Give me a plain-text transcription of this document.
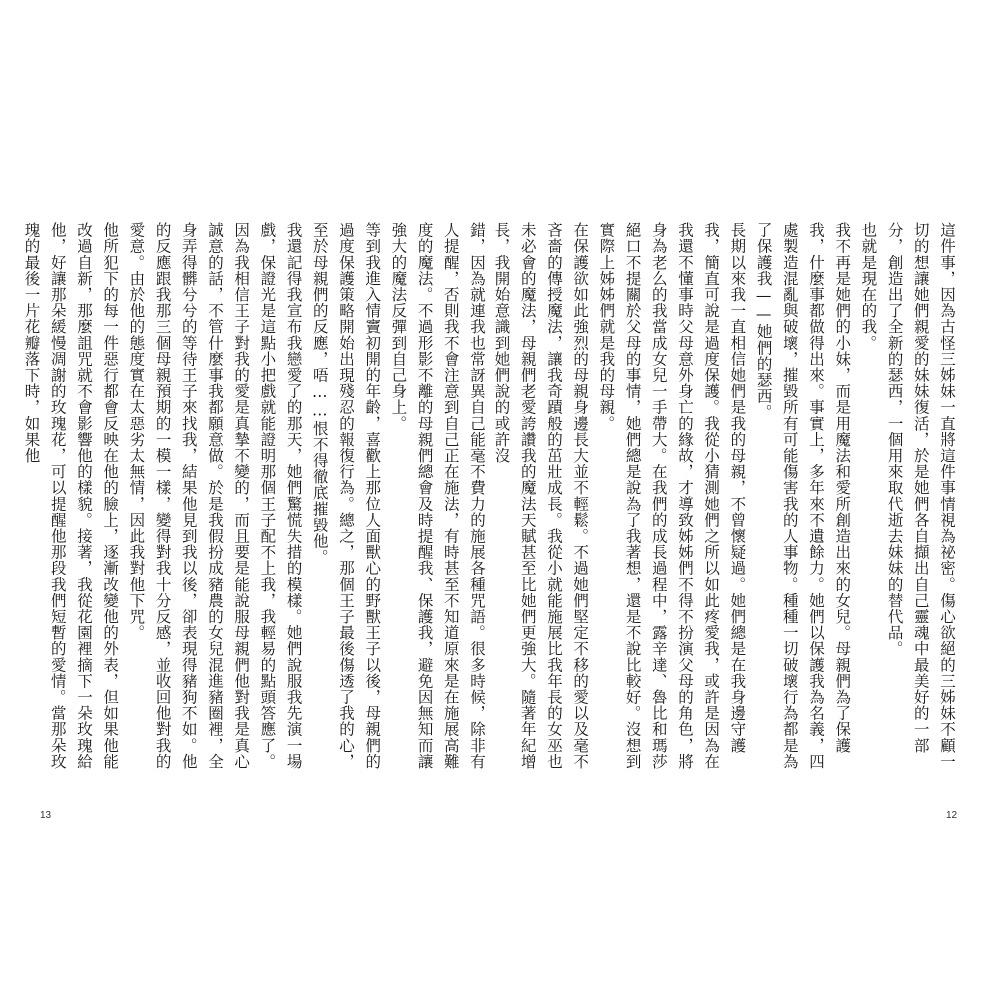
錯，因為就連我也常訝異自己能毫不費力的施展各種咒語。很多時候，除非有人提醒，否則我不會注意到自己正在施法，有時甚至不知道原來是在施展高難度的魔法。不過形影不離的母親們總會及時提醒我、保護我，避免因無知而讓強大的魔法反彈到自己身上。

等到我進入情竇初開的年齡，喜歡上那位人面獸心的野獸王子以後，母親們的過度保護策略開始出現殘忍的報復行為。總之，那個王子最後傷透了我的心，至於母親們的反應，唔……恨不得徹底摧毀他。

我還記得我宣布我戀愛了的那天，她們驚慌失措的模樣。她們說服我先演一場戲，保證光是這點小把戲就能證明那個王子配不上我，我輕易的點頭答應了。因為我相信王子對我的愛是真摯不變的，而且要是能說服母親們他對我是真心誠意的話，不管什麼事我都願意做。於是我假扮成豬農的女兒混進豬圈裡，全身弄得髒兮兮的等待王子來找我，結果他見到我以後，卻表現得豬狗不如。他的反應跟我那三個母親預期的一模一樣，變得對我十分反感，並收回他對我的愛意。由於他的態度實在太惡劣太無情，因此我對他下咒。

他所犯下的每一件惡行都會反映在他的臉上，逐漸改變他的外表，但如果他能改過自新，那麼詛咒就不會影響他的樣貌。接著，我從花園裡摘下一朵玫瑰給他，好讓那朵緩慢凋謝的玫瑰花，可以提醒他那段我們短暫的愛情。當那朵玫瑰的最後一片花瓣落下時，如果他	這件事，因為古怪三姊妹一直將這件事情視為祕密。傷心欲絕的三姊妹不顧一切的想讓她們親愛的妹妹復活，於是她們各自擷出自己靈魂中最美好的一部分，創造出了全新的瑟西，一個用來取代逝去妹妹的替代品。

也就是現在的我。

我不再是她們的小妹，而是用魔法和愛所創造出來的女兒。母親們為了保護我，什麼事都做得出來。事實上，多年來不遺餘力。她們以保護我為名義，四處製造混亂與破壞，摧毀所有可能傷害我的人事物。種種一切破壞行為都是為了保護我——她們的瑟西。

長期以來我一直相信她們是我的母親，不曾懷疑過。她們總是在我身邊守護我，簡直可說是過度保護。我從小猜測她們之所以如此疼愛我，或許是因為在我還不懂事時父母意外身亡的緣故，才導致姊姊們不得不扮演父母的角色，將身為老么的我當成女兒一手帶大。在我們的成長過程中，露辛達、魯比和瑪莎絕口不提關於父母的事情，她們總是說為了我著想，還是不說比較好。沒想到實際上姊姊們就是我的母親。

在保護欲如此強烈的母親身邊長大並不輕鬆。不過她們堅定不移的愛以及毫不吝嗇的傳授魔法，讓我奇蹟般的茁壯成長。我從小就能施展比我年長的女巫也未必會的魔法，母親們老愛誇讚我的魔法天賦甚至比她們更強大。隨著年紀增長，我開始意識到她們說的或許沒

13	12
